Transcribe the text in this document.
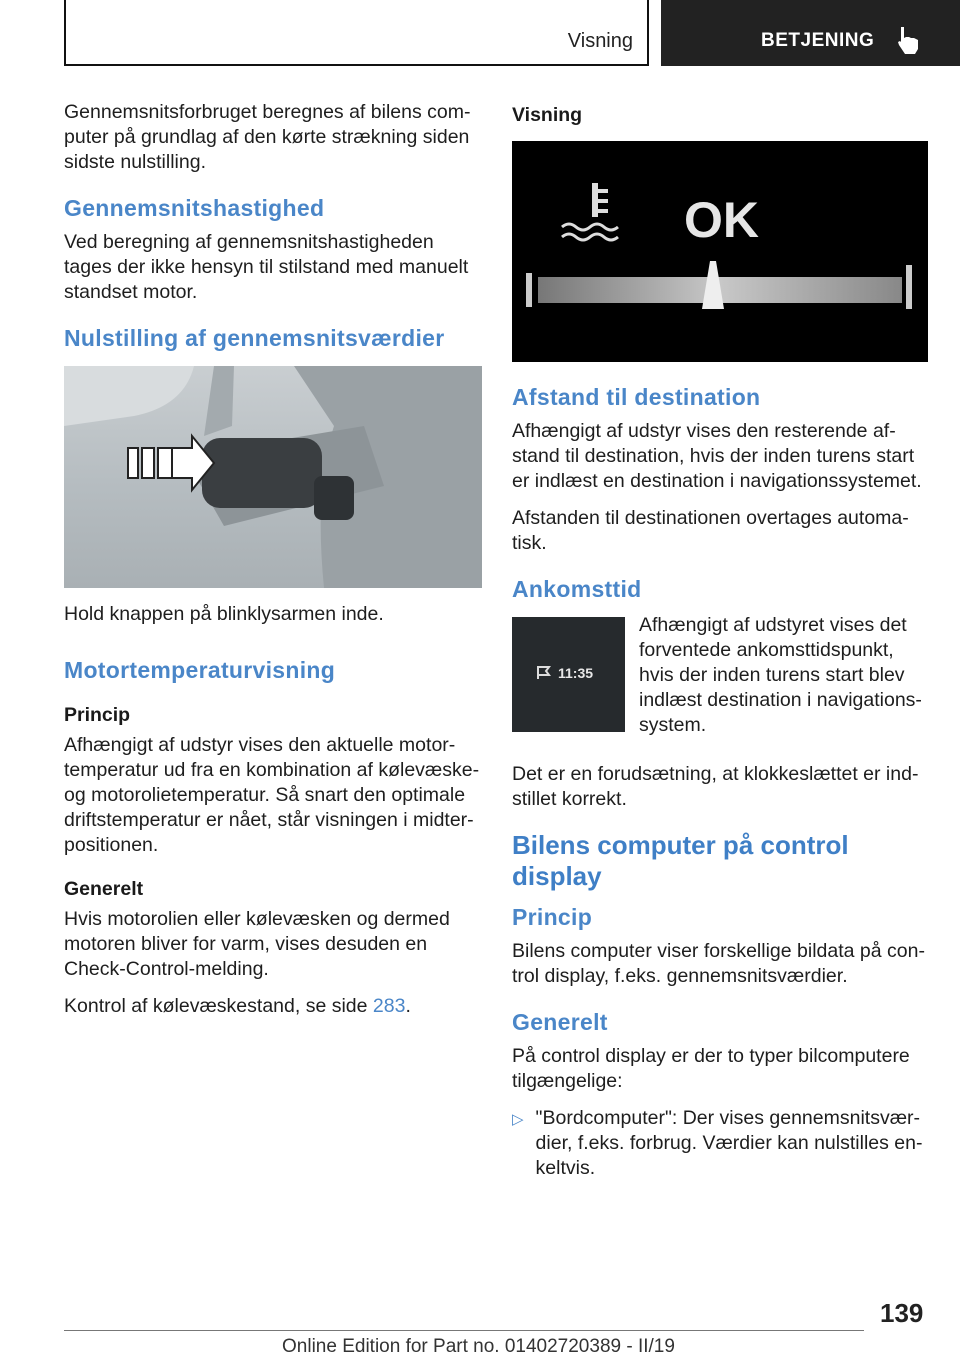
Visning	BETJENING

Gennemsnitsforbruget beregnes af bilens computer på grundlag af den kørte strækning siden sidste nulstilling.

Gennemsnitshastighed

Ved beregning af gennemsnitshastigheden tages der ikke hensyn til stilstand med manuelt standset motor.

Nulstilling af gennemsnitsværdier

Hold knappen på blinklysarmen inde.

Motortemperaturvisning
Princip

Afhængigt af udstyr vises den aktuelle motortemperatur ud fra en kombination af kølevæske- og motorolietemperatur. Så snart den optimale driftstemperatur er nået, står visningen i midterpositionen.

Generelt

Hvis motorolien eller kølevæsken og dermed motoren bliver for varm, vises desuden en Check-Control-melding.

Kontrol af kølevæskestand, se side 283.

Visning
OK
Afstand til destination

Afhængigt af udstyr vises den resterende afstand til destination, hvis der inden turens start er indlæst en destination i navigationssystemet.

Afstanden til destinationen overtages automatisk.

Ankomsttid
11:35

Afhængigt af udstyret vises det forventede ankomsttidspunkt, hvis der inden turens start blev indlæst destination i navigationssystem.

Det er en forudsætning, at klokkeslættet er indstillet korrekt.

Bilens computer på control display
Princip

Bilens computer viser forskellige bildata på control display, f.eks. gennemsnitsværdier.

Generelt

På control display er der to typer bilcomputere tilgængelige:

▷ "Bordcomputer": Der vises gennemsnitsværdier, f.eks. forbrug. Værdier kan nulstilles enkeltvis.

139
Online Edition for Part no. 01402720389 - II/19
